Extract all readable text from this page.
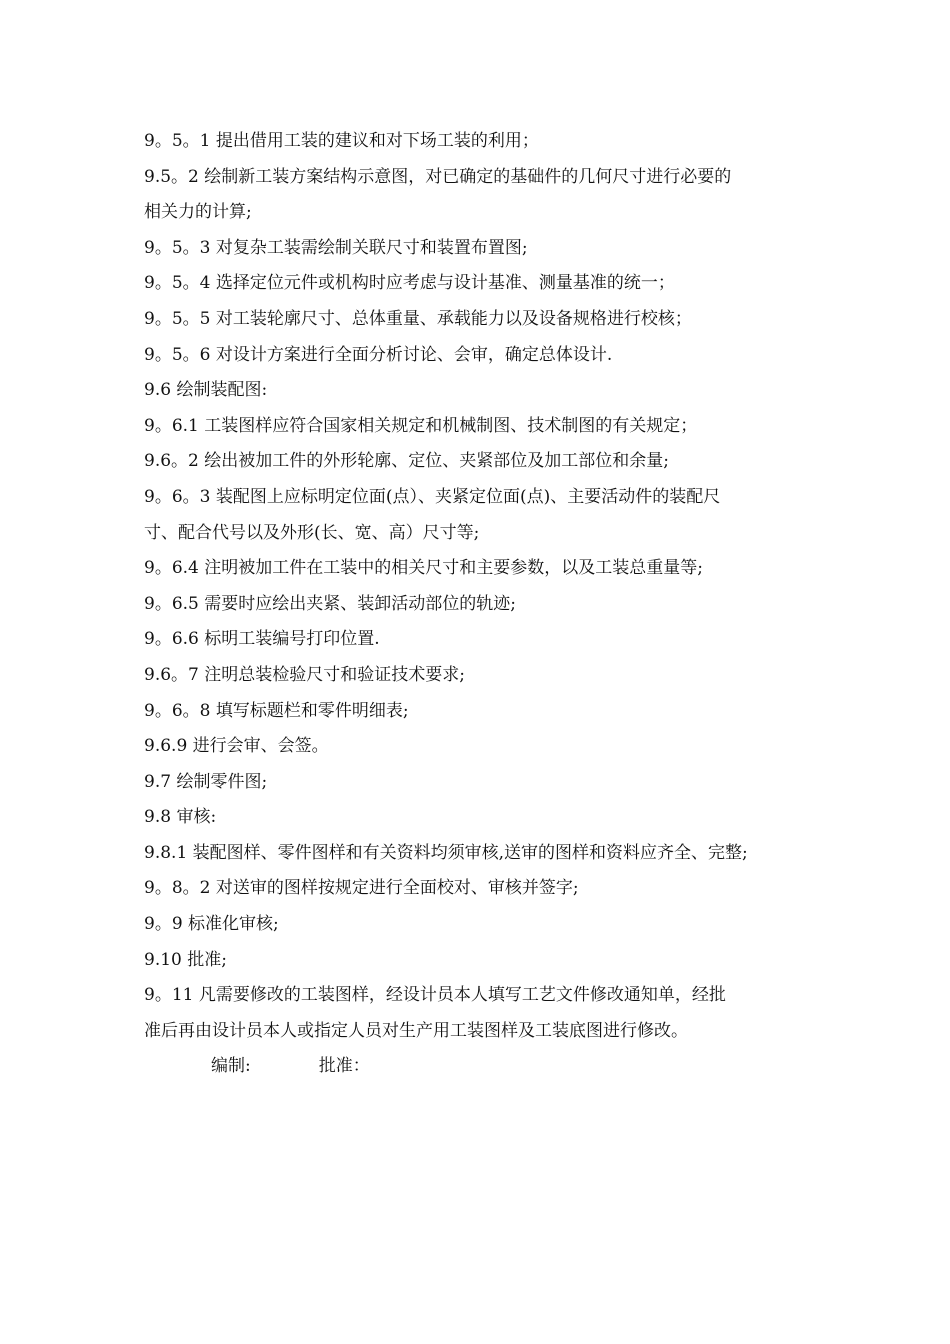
9。5。1 提出借用工装的建议和对下场工装的利用；
9.5。2 绘制新工装方案结构示意图，对已确定的基础件的几何尺寸进行必要的
相关力的计算;
9。5。3 对复杂工装需绘制关联尺寸和装置布置图;
9。5。4 选择定位元件或机构时应考虑与设计基准、测量基准的统一；
9。5。5 对工装轮廓尺寸、总体重量、承载能力以及设备规格进行校核；
9。5。6 对设计方案进行全面分析讨论、会审，确定总体设计.
9.6 绘制装配图:
9。6.1 工装图样应符合国家相关规定和机械制图、技术制图的有关规定；
9.6。2 绘出被加工件的外形轮廓、定位、夹紧部位及加工部位和余量;
9。6。3 装配图上应标明定位面(点）、夹紧定位面(点)、主要活动件的装配尺
寸、配合代号以及外形(长、宽、高）尺寸等;
9。6.4 注明被加工件在工装中的相关尺寸和主要参数，以及工装总重量等;
9。6.5 需要时应绘出夹紧、装卸活动部位的轨迹;
9。6.6 标明工装编号打印位置.
9.6。7 注明总装检验尺寸和验证技术要求;
9。6。8 填写标题栏和零件明细表;
9.6.9 进行会审、会签。
9.7 绘制零件图;
9.8 审核:
9.8.1 装配图样、零件图样和有关资料均须审核,送审的图样和资料应齐全、完整;
9。8。2 对送审的图样按规定进行全面校对、审核并签字;
9。9 标准化审核;
9.10 批准;
9。11 凡需要修改的工装图样，经设计员本人填写工艺文件修改通知单，经批
准后再由设计员本人或指定人员对生产用工装图样及工装底图进行修改。
编制:	批准：
